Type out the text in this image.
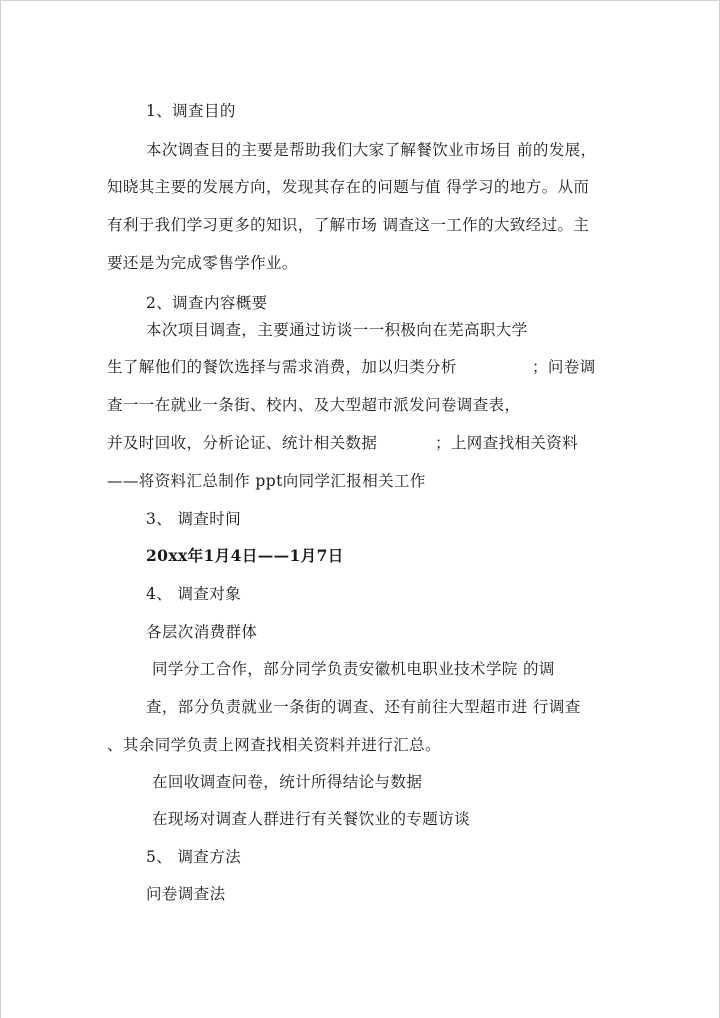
1、调查目的
本次调查目的主要是帮助我们大家了解餐饮业市场目 前的发展，
知晓其主要的发展方向，发现其存在的问题与值 得学习的地方。从而
有利于我们学习更多的知识，了解市场 调查这一工作的大致经过。主
要还是为完成零售学作业。
2、调查内容概要
本次项目调查，主要通过访谈一一积极向在芜高职大学
生了解他们的餐饮选择与需求消费，加以归类分析	；问卷调
查一一在就业一条街、校内、及大型超市派发问卷调查表，
并及时回收，分析论证、统计相关数据	；上网查找相关资料
——将资料汇总制作 ppt向同学汇报相关工作
3、 调查时间
20xx年1月4日——1月7日
4、 调查对象
各层次消费群体
同学分工合作，部分同学负责安徽机电职业技术学院 的调
查，部分负责就业一条街的调查、还有前往大型超市进 行调查
、其余同学负责上网查找相关资料并进行汇总。
在回收调查问卷，统计所得结论与数据
在现场对调查人群进行有关餐饮业的专题访谈
5、 调查方法
问卷调查法
